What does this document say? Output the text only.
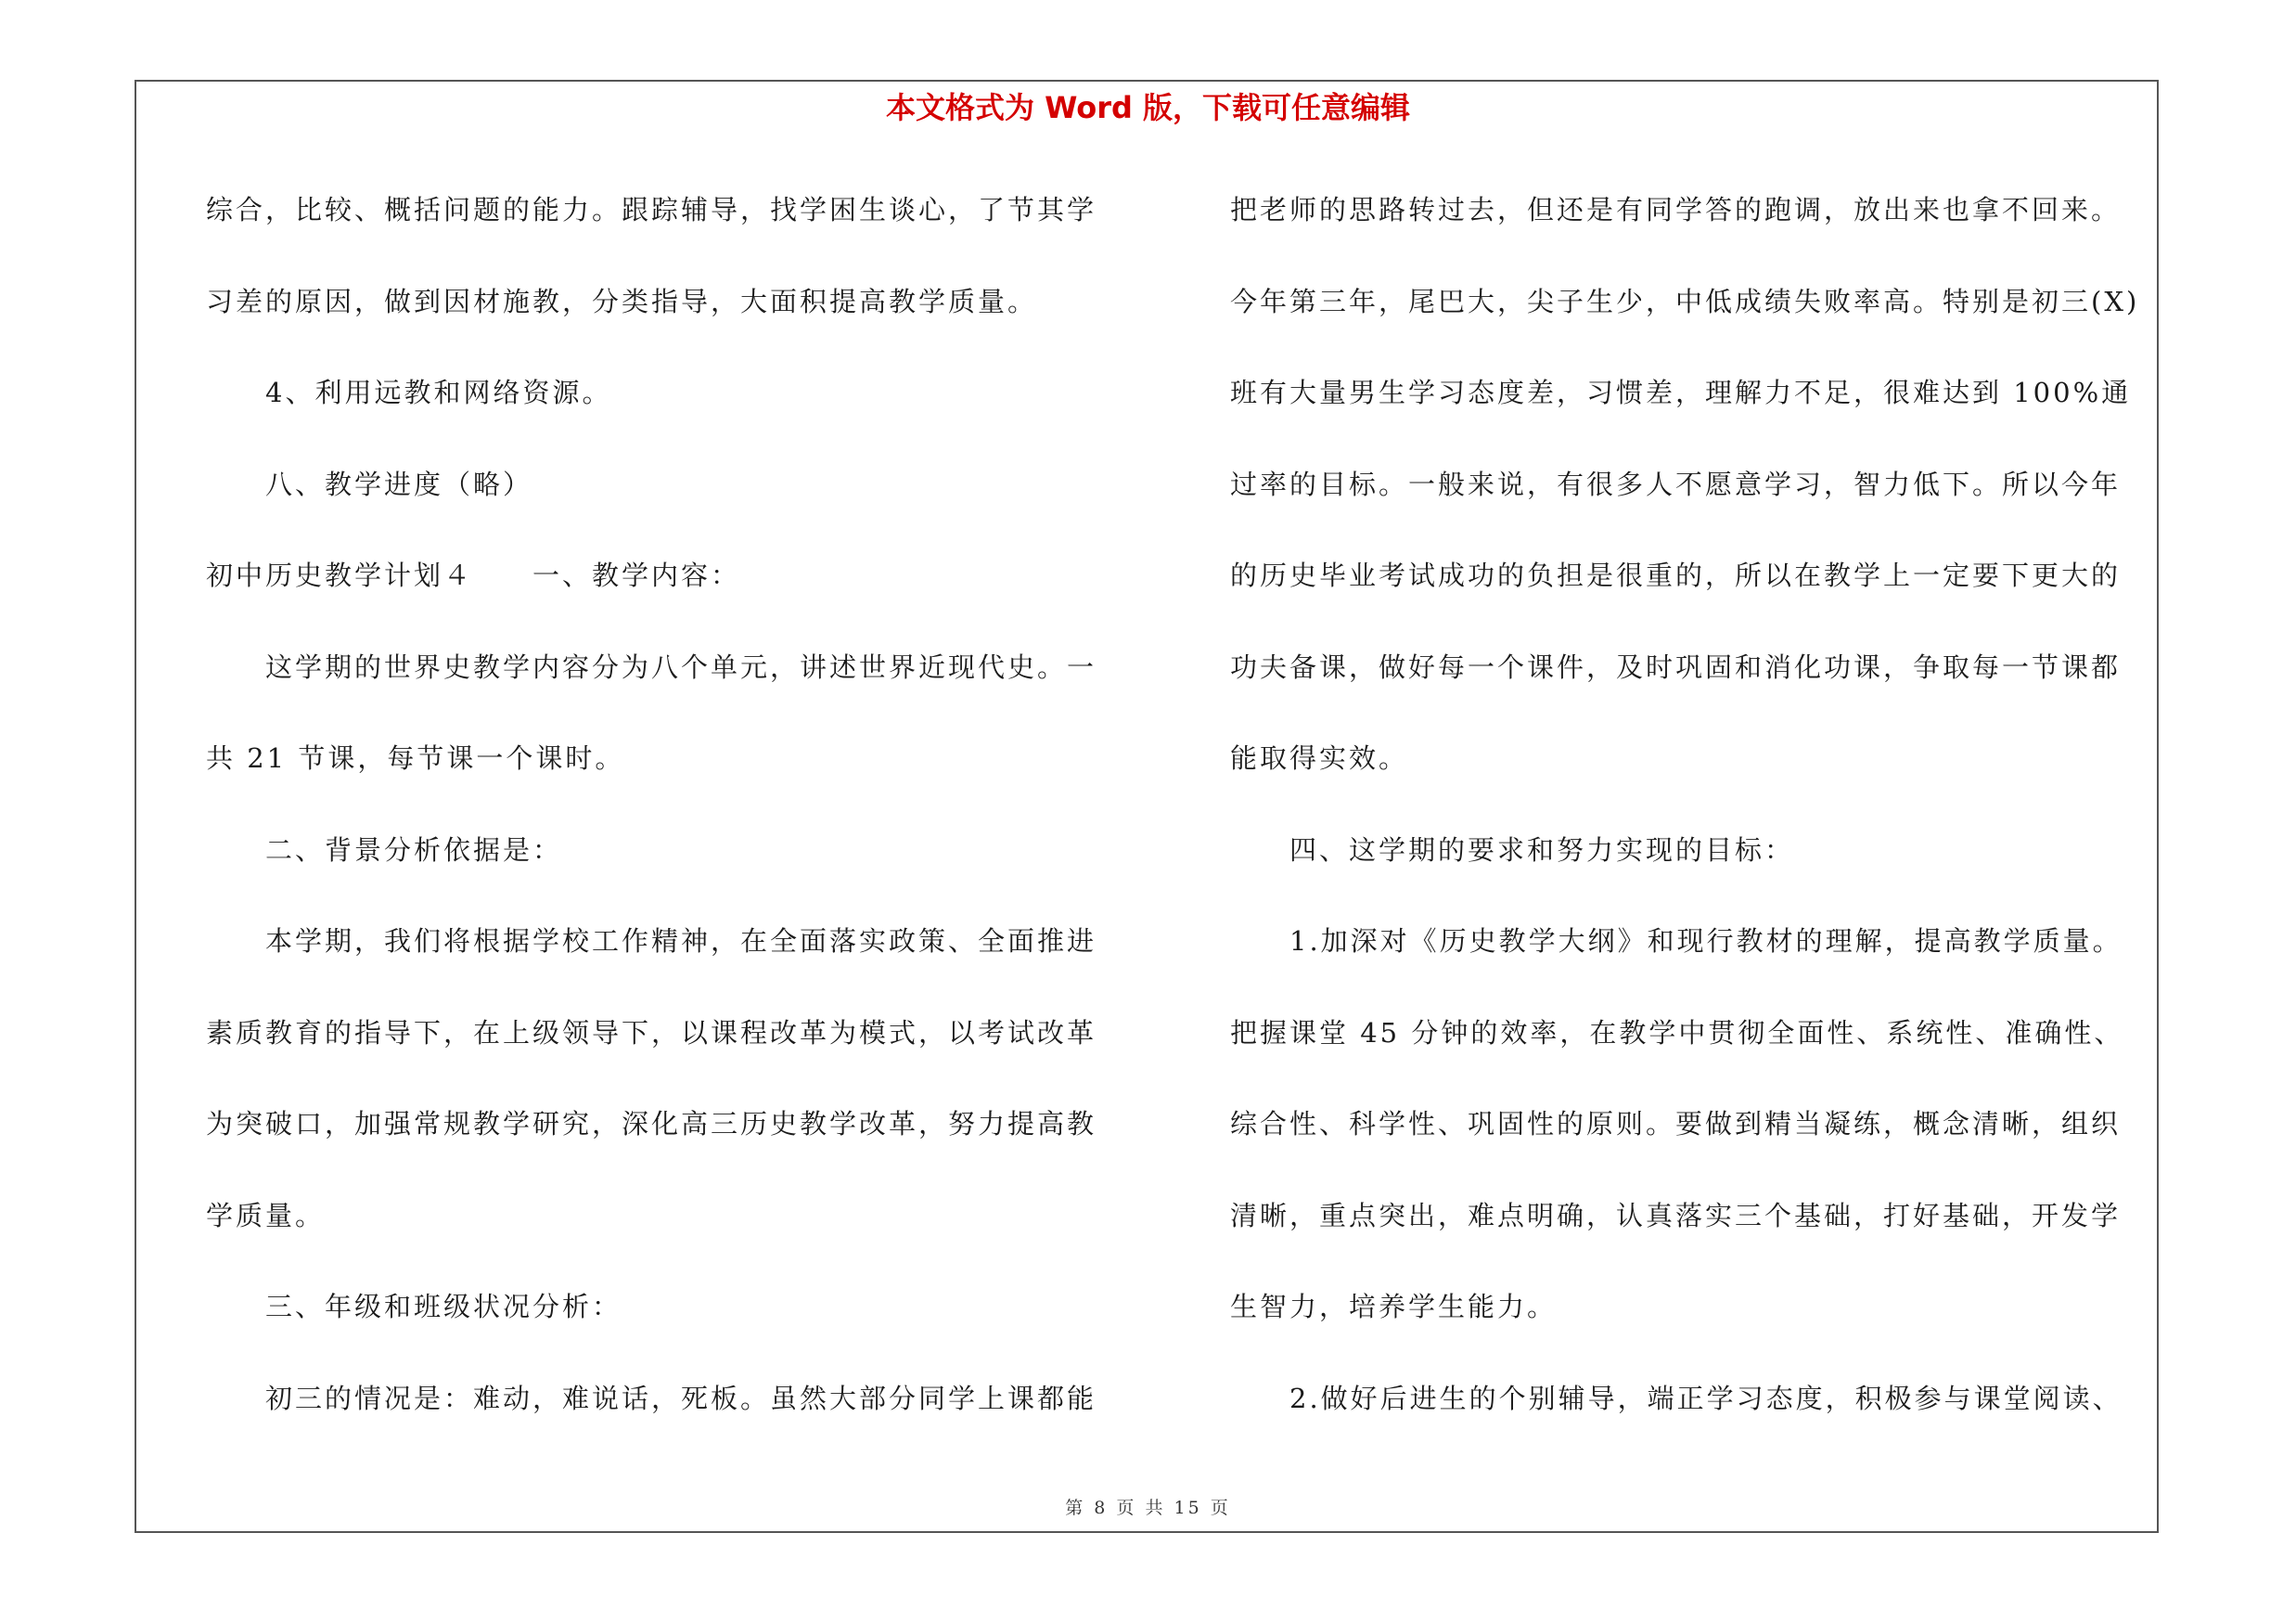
本文格式为 Word 版，下载可任意编辑
综合，比较、概括问题的能力。跟踪辅导，找学困生谈心，了节其学
习差的原因，做到因材施教，分类指导，大面积提高教学质量。
　　4、利用远教和网络资源。
　　八、教学进度（略）
初中历史教学计划４　　一、教学内容：
　　这学期的世界史教学内容分为八个单元，讲述世界近现代史。一
共 21 节课，每节课一个课时。
　　二、背景分析依据是：
　　本学期，我们将根据学校工作精神，在全面落实政策、全面推进
素质教育的指导下，在上级领导下，以课程改革为模式，以考试改革
为突破口，加强常规教学研究，深化高三历史教学改革，努力提高教
学质量。
　　三、年级和班级状况分析：
　　初三的情况是：难动，难说话，死板。虽然大部分同学上课都能
把老师的思路转过去，但还是有同学答的跑调，放出来也拿不回来。
今年第三年，尾巴大，尖子生少，中低成绩失败率高。特别是初三(X)
班有大量男生学习态度差，习惯差，理解力不足，很难达到 100%通
过率的目标。一般来说，有很多人不愿意学习，智力低下。所以今年
的历史毕业考试成功的负担是很重的，所以在教学上一定要下更大的
功夫备课，做好每一个课件，及时巩固和消化功课，争取每一节课都
能取得实效。
　　四、这学期的要求和努力实现的目标：
　　1.加深对《历史教学大纲》和现行教材的理解，提高教学质量。
把握课堂 45 分钟的效率，在教学中贯彻全面性、系统性、准确性、
综合性、科学性、巩固性的原则。要做到精当凝练，概念清晰，组织
清晰，重点突出，难点明确，认真落实三个基础，打好基础，开发学
生智力，培养学生能力。
　　2.做好后进生的个别辅导，端正学习态度，积极参与课堂阅读、
第 8 页 共 15 页
